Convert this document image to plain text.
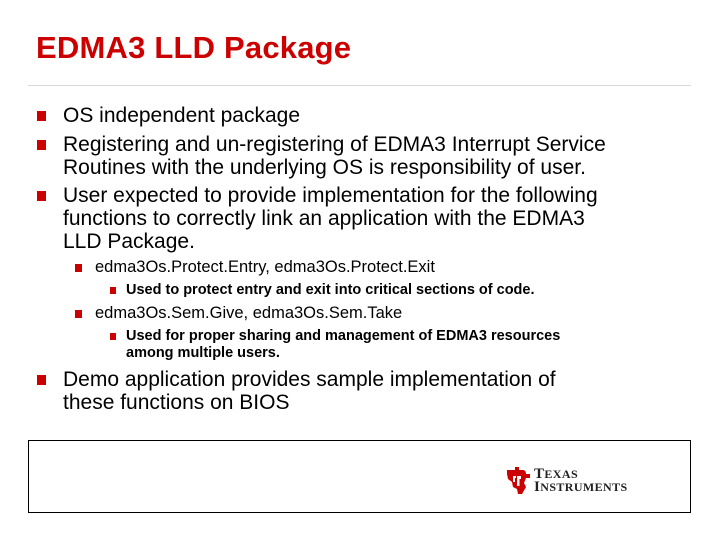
EDMA3 LLD Package
OS independent package
Registering and un-registering of EDMA3 Interrupt Service
Routines with the underlying OS is responsibility of user.
User expected to provide implementation for the following
functions to correctly link an application with the EDMA3
LLD Package.
edma3Os.Protect.Entry, edma3Os.Protect.Exit
Used to protect entry and exit into critical sections of code.
edma3Os.Sem.Give, edma3Os.Sem.Take
Used for proper sharing and management of EDMA3 resources
among multiple users.
Demo application provides sample implementation of
these functions on BIOS
TEXAS
INSTRUMENTS
